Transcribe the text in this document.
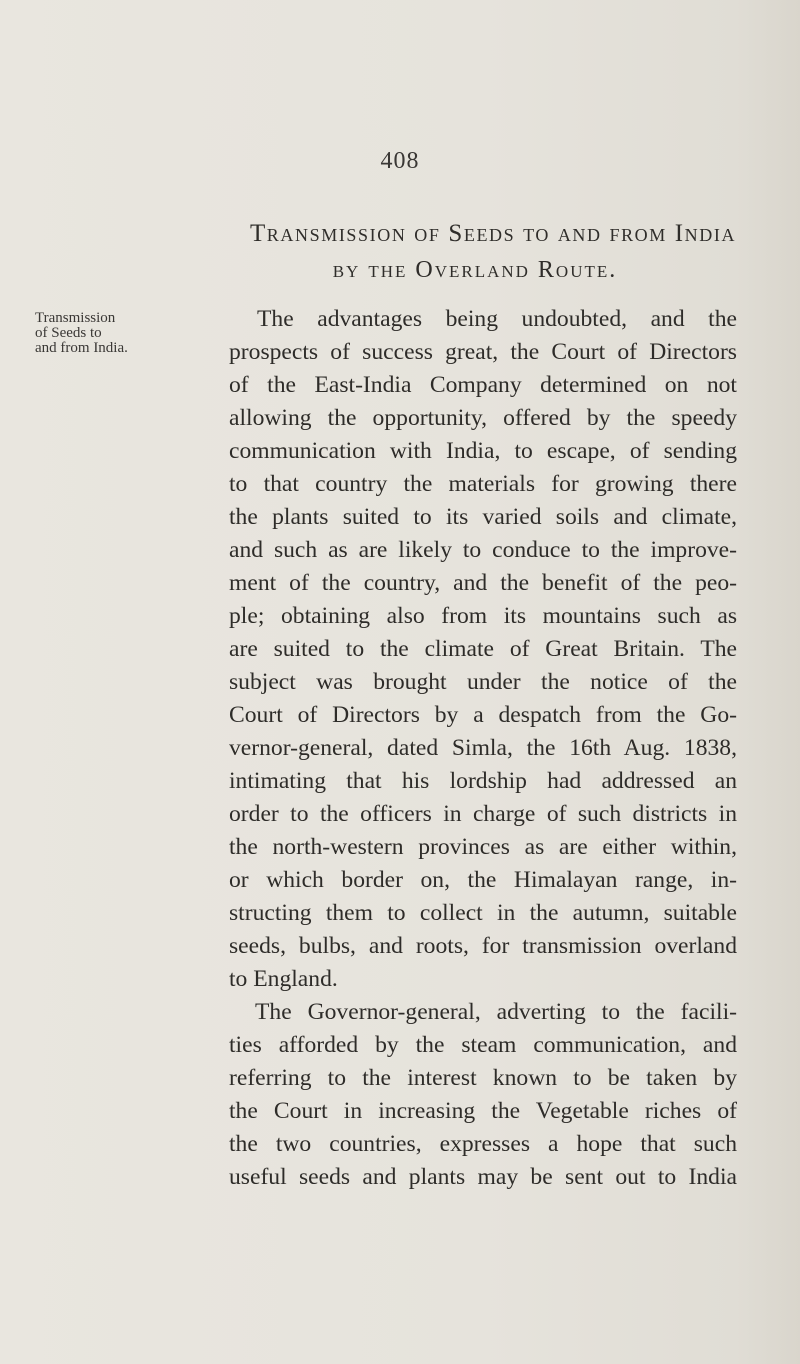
408
Transmission of Seeds to and from India
by the Overland Route.
Transmission
of Seeds to
and from India.
The advantages being undoubted, and the
prospects of success great, the Court of Directors
of the East-India Company determined on not
allowing the opportunity, offered by the speedy
communication with India, to escape, of sending
to that country the materials for growing there
the plants suited to its varied soils and climate,
and such as are likely to conduce to the improve-
ment of the country, and the benefit of the peo-
ple; obtaining also from its mountains such as
are suited to the climate of Great Britain. The
subject was brought under the notice of the
Court of Directors by a despatch from the Go-
vernor-general, dated Simla, the 16th Aug. 1838,
intimating that his lordship had addressed an
order to the officers in charge of such districts in
the north-western provinces as are either within,
or which border on, the Himalayan range, in-
structing them to collect in the autumn, suitable
seeds, bulbs, and roots, for transmission overland
to England.
The Governor-general, adverting to the facili-
ties afforded by the steam communication, and
referring to the interest known to be taken by
the Court in increasing the Vegetable riches of
the two countries, expresses a hope that such
useful seeds and plants may be sent out to India
